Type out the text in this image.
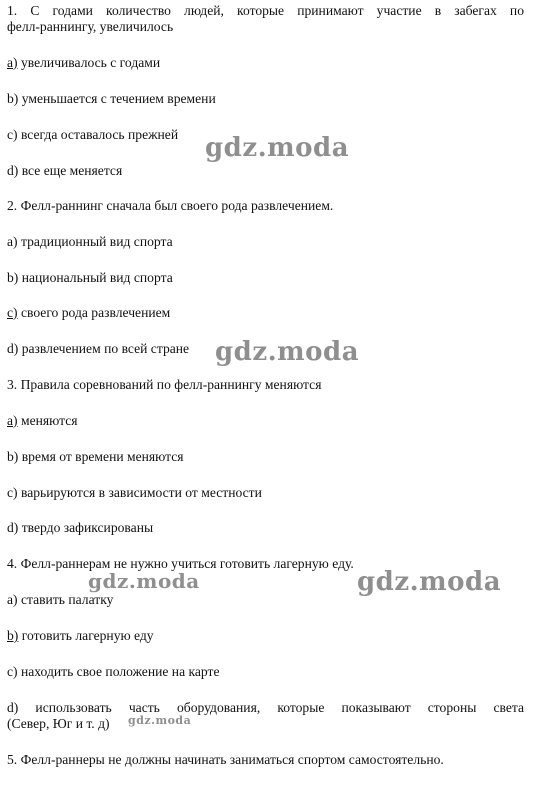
1. С годами количество людей, которые принимают участие в забегах по
фелл-раннингу, увеличилось
a) увеличивалось с годами
b) уменьшается с течением времени
c) всегда оставалось прежней
d) все еще меняется
2. Фелл-раннинг сначала был своего рода развлечением.
a) традиционный вид спорта
b) национальный вид спорта
c) своего рода развлечением
d) развлечением по всей стране
3. Правила соревнований по фелл-раннингу меняются
a) меняются
b) время от времени меняются
c) варьируются в зависимости от местности
d) твердо зафиксированы
4. Фелл-раннерам не нужно учиться готовить лагерную еду.
a) ставить палатку
b) готовить лагерную еду
c) находить свое положение на карте
d) использовать часть оборудования, которые показывают стороны света
(Север, Юг и т. д)
5. Фелл-раннеры не должны начинать заниматься спортом самостоятельно.
gdz.moda
gdz.moda
gdz.moda	gdz.moda
gdz.moda
